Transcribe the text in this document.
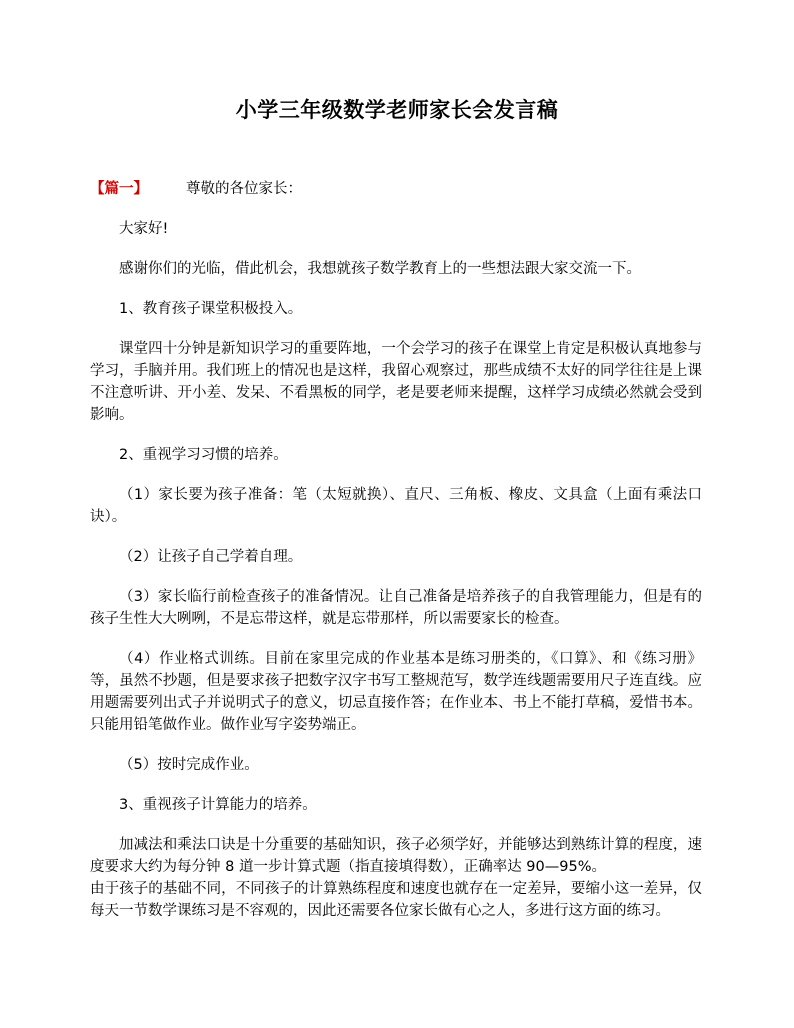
小学三年级数学老师家长会发言稿

【篇一】	尊敬的各位家长：

大家好!

感谢你们的光临，借此机会，我想就孩子数学教育上的一些想法跟大家交流一下。

1、教育孩子课堂积极投入。

课堂四十分钟是新知识学习的重要阵地，一个会学习的孩子在课堂上肯定是积极认真地参与学习，手脑并用。我们班上的情况也是这样，我留心观察过，那些成绩不太好的同学往往是上课不注意听讲、开小差、发呆、不看黑板的同学，老是要老师来提醒，这样学习成绩必然就会受到影响。

2、重视学习习惯的培养。

（1）家长要为孩子准备：笔（太短就换）、直尺、三角板、橡皮、文具盒（上面有乘法口诀）。

（2）让孩子自己学着自理。

（3）家长临行前检查孩子的准备情况。让自己准备是培养孩子的自我管理能力，但是有的孩子生性大大咧咧，不是忘带这样，就是忘带那样，所以需要家长的检查。

（4）作业格式训练。目前在家里完成的作业基本是练习册类的，《口算》、和《练习册》等，虽然不抄题，但是要求孩子把数字汉字书写工整规范写，数学连线题需要用尺子连直线。应用题需要列出式子并说明式子的意义，切忌直接作答；在作业本、书上不能打草稿，爱惜书本。只能用铅笔做作业。做作业写字姿势端正。

（5）按时完成作业。

3、重视孩子计算能力的培养。

加减法和乘法口诀是十分重要的基础知识，孩子必须学好，并能够达到熟练计算的程度，速度要求大约为每分钟 8 道一步计算式题（指直接填得数），正确率达 90—95%。

由于孩子的基础不同，不同孩子的计算熟练程度和速度也就存在一定差异，要缩小这一差异，仅每天一节数学课练习是不容观的，因此还需要各位家长做有心之人，多进行这方面的练习。
